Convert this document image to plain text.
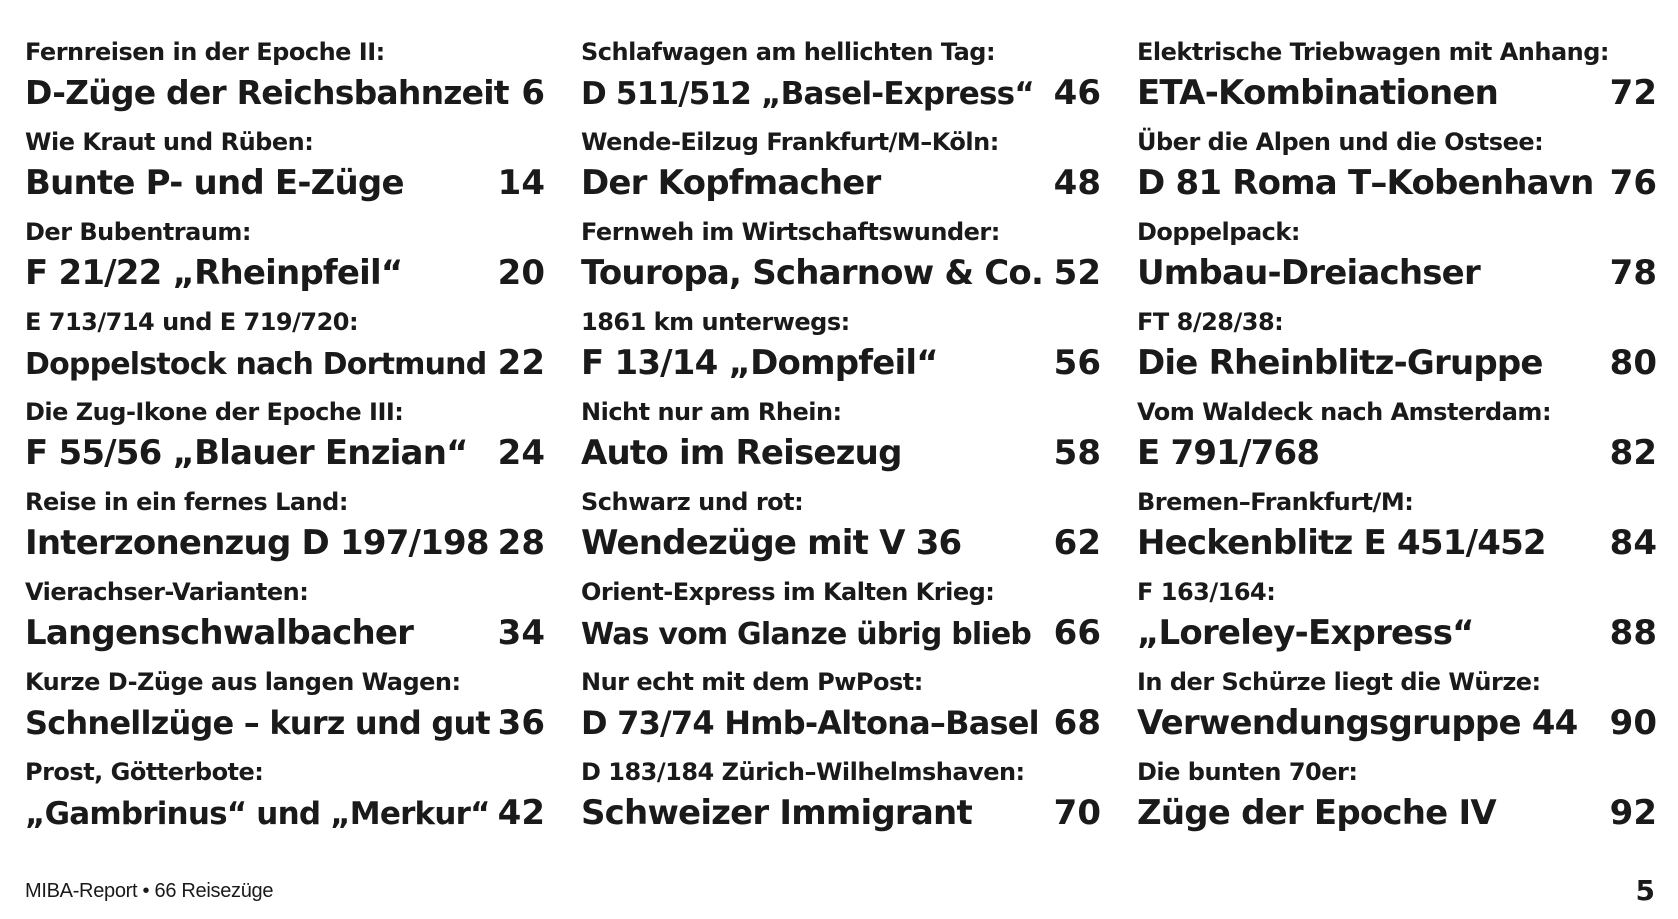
Fernreisen in der Epoche II:
D-Züge der Reichsbahnzeit 6
Wie Kraut und Rüben:
Bunte P- und E-Züge	14
Der Bubentraum:
F 21/22 „Rheinpfeil“	20
E 713/714 und E 719/720:
Doppelstock nach Dortmund 22
Die Zug-Ikone der Epoche III:
F 55/56 „Blauer Enzian“ 24
Reise in ein fernes Land:
Interzonenzug D 197/198 28
Vierachser-Varianten:
Langenschwalbacher 34
Kurze D-Züge aus langen Wagen:
Schnellzüge – kurz und gut 36
Prost, Götterbote:
„Gambrinus“ und „Merkur“ 42
Schlafwagen am hellichten Tag:
D 511/512 „Basel-Express“ 46
Wende-Eilzug Frankfurt/M–Köln:
Der Kopfmacher	48
Fernweh im Wirtschaftswunder:
Touropa, Scharnow & Co. 52
1861 km unterwegs:
F 13/14 „Dompfeil“	56
Nicht nur am Rhein:
Auto im Reisezug	58
Schwarz und rot:
Wendezüge mit V 36	62
Orient-Express im Kalten Krieg:
Was vom Glanze übrig blieb 66
Nur echt mit dem PwPost:
D 73/74 Hmb-Altona–Basel 68
D 183/184 Zürich–Wilhelmshaven:
Schweizer Immigrant 70
Elektrische Triebwagen mit Anhang:
ETA-Kombinationen	72
Über die Alpen und die Ostsee:
D 81 Roma T–Kobenhavn 76
Doppelpack:
Umbau-Dreiachser	78
FT 8/28/38:
Die Rheinblitz-Gruppe 80
Vom Waldeck nach Amsterdam:
E 791/768	82
Bremen–Frankfurt/M:
Heckenblitz E 451/452 84
F 163/164:
„Loreley-Express“	88
In der Schürze liegt die Würze:
Verwendungsgruppe 44 90
Die bunten 70er:
Züge der Epoche IV	92
MIBA-Report • 66 Reisezüge	5
